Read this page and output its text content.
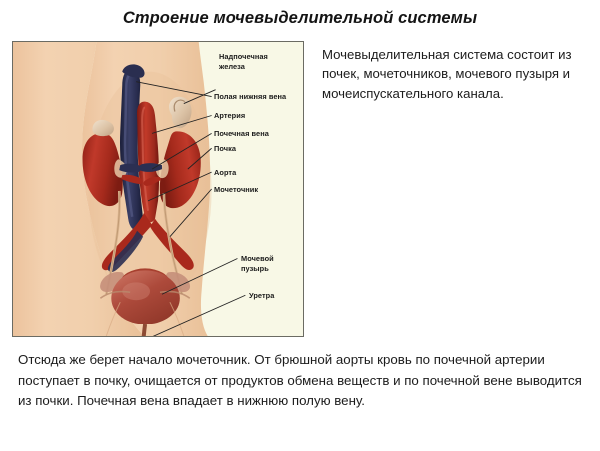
Строение мочевыделительной системы
Надпочечная
железа
Полая нижняя вена
Артерия
Почечная вена
Почка
Аорта
Мочеточник
Мочевой
пузырь
Уретра
Мочевыделительная система состоит из почек, мочеточников, мочевого пузыря и мочеиспускательного канала.
Отсюда же берет начало мочеточник. От брюшной аорты кровь по почечной артерии поступает в почку, очищается от продуктов обмена веществ и по почечной вене выводится из почки. Почечная вена впадает в нижнюю полую вену.
